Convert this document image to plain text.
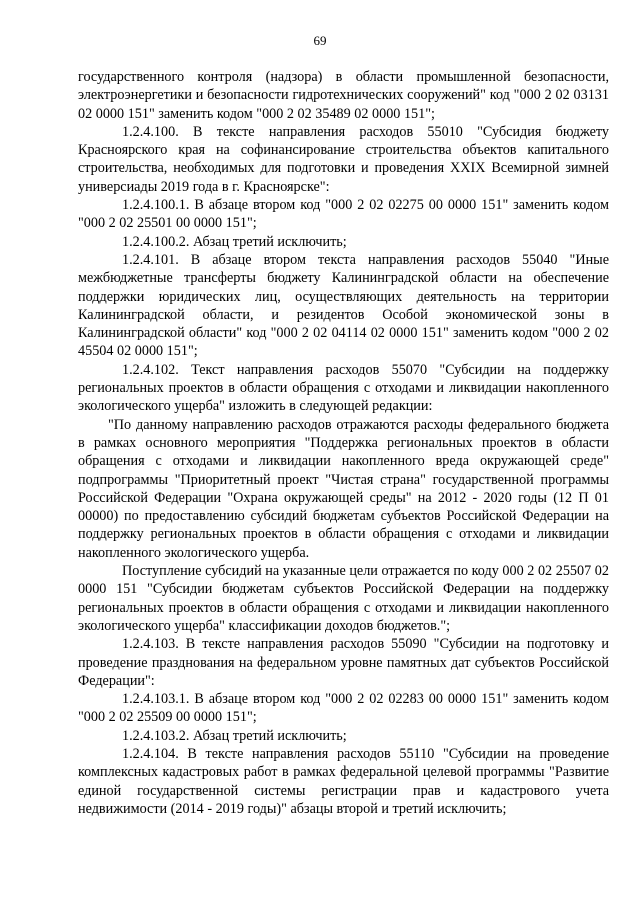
69

государственного контроля (надзора) в области промышленной безопасности, электроэнергетики и безопасности гидротехнических сооружений" код "000 2 02 03131 02 0000 151" заменить кодом "000 2 02 35489 02 0000 151";

1.2.4.100. В тексте направления расходов 55010 "Субсидия бюджету Красноярского края на софинансирование строительства объектов капитального строительства, необходимых для подготовки и проведения XXIX Всемирной зимней универсиады 2019 года в г. Красноярске":

1.2.4.100.1. В абзаце втором код "000 2 02 02275 00 0000 151" заменить кодом "000 2 02 25501 00 0000 151";

1.2.4.100.2. Абзац третий исключить;

1.2.4.101. В абзаце втором текста направления расходов 55040 "Иные межбюджетные трансферты бюджету Калининградской области на обеспечение поддержки юридических лиц, осуществляющих деятельность на территории Калининградской области, и резидентов Особой экономической зоны в Калининградской области" код "000 2 02 04114 02 0000 151" заменить кодом "000 2 02 45504 02 0000 151";

1.2.4.102. Текст направления расходов 55070 "Субсидии на поддержку региональных проектов в области обращения с отходами и ликвидации накопленного экологического ущерба" изложить в следующей редакции:

"По данному направлению расходов отражаются расходы федерального бюджета в рамках основного мероприятия "Поддержка региональных проектов в области обращения с отходами и ликвидации накопленного вреда окружающей среде" подпрограммы "Приоритетный проект "Чистая страна" государственной программы Российской Федерации "Охрана окружающей среды" на 2012 - 2020 годы (12 П 01 00000) по предоставлению субсидий бюджетам субъектов Российской Федерации на поддержку региональных проектов в области обращения с отходами и ликвидации накопленного экологического ущерба.

Поступление субсидий на указанные цели отражается по коду 000 2 02 25507 02 0000 151 "Субсидии бюджетам субъектов Российской Федерации на поддержку региональных проектов в области обращения с отходами и ликвидации накопленного экологического ущерба" классификации доходов бюджетов.";

1.2.4.103. В тексте направления расходов 55090 "Субсидии на подготовку и проведение празднования на федеральном уровне памятных дат субъектов Российской Федерации":

1.2.4.103.1. В абзаце втором код "000 2 02 02283 00 0000 151" заменить кодом "000 2 02 25509 00 0000 151";

1.2.4.103.2. Абзац третий исключить;

1.2.4.104. В тексте направления расходов 55110 "Субсидии на проведение комплексных кадастровых работ в рамках федеральной целевой программы "Развитие единой государственной системы регистрации прав и кадастрового учета недвижимости (2014 - 2019 годы)" абзацы второй и третий исключить;
